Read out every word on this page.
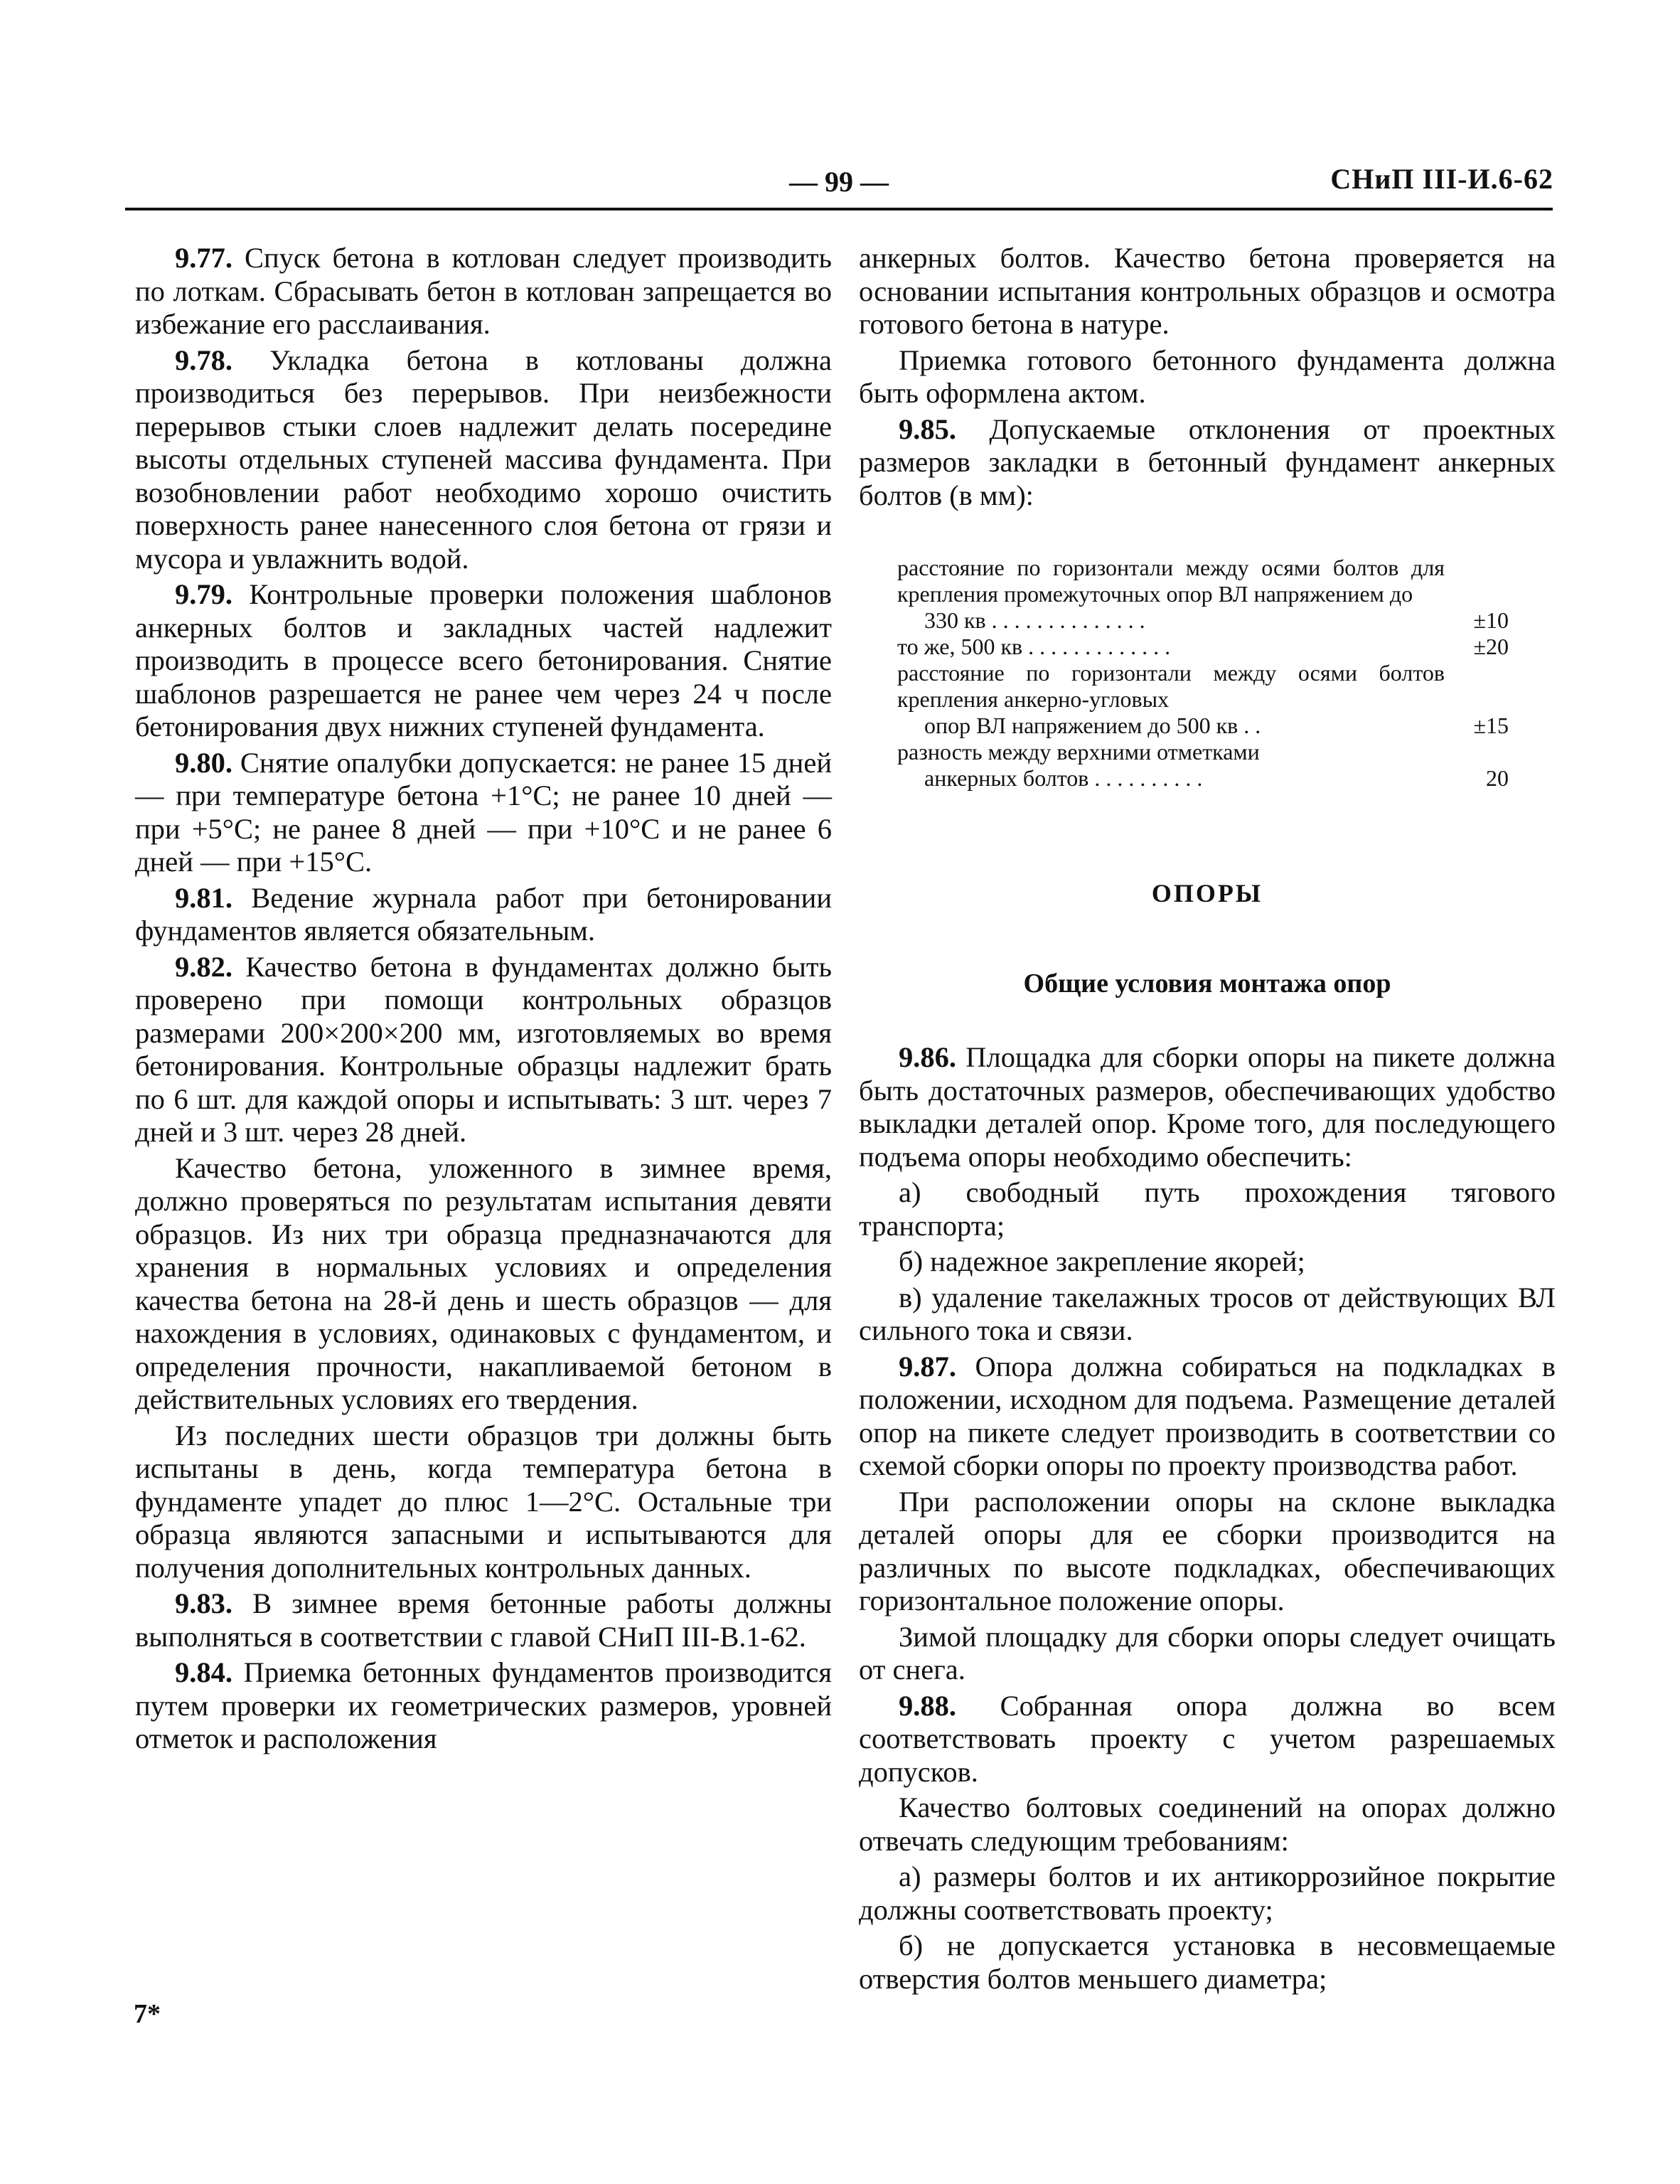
— 99 —	СНиП III-И.6-62

9.77. Спуск бетона в котлован следует производить по лоткам. Сбрасывать бетон в котлован запрещается во избежание его расслаивания.

9.78. Укладка бетона в котлованы должна производиться без перерывов. При неизбежности перерывов стыки слоев надлежит делать посередине высоты отдельных ступеней массива фундамента. При возобновлении работ необходимо хорошо очистить поверхность ранее нанесенного слоя бетона от грязи и мусора и увлажнить водой.

9.79. Контрольные проверки положения шаблонов анкерных болтов и закладных частей надлежит производить в процессе всего бетонирования. Снятие шаблонов разрешается не ранее чем через 24 ч после бетонирования двух нижних ступеней фундамента.

9.80. Снятие опалубки допускается: не ранее 15 дней — при температуре бетона +1°С; не ранее 10 дней — при +5°С; не ранее 8 дней — при +10°С и не ранее 6 дней — при +15°С.

9.81. Ведение журнала работ при бетонировании фундаментов является обязательным.

9.82. Качество бетона в фундаментах должно быть проверено при помощи контрольных образцов размерами 200×200×200 мм, изготовляемых во время бетонирования. Контрольные образцы надлежит брать по 6 шт. для каждой опоры и испытывать: 3 шт. через 7 дней и 3 шт. через 28 дней.

Качество бетона, уложенного в зимнее время, должно проверяться по результатам испытания девяти образцов. Из них три образца предназначаются для хранения в нормальных условиях и определения качества бетона на 28-й день и шесть образцов — для нахождения в условиях, одинаковых с фундаментом, и определения прочности, накапливаемой бетоном в действительных условиях его твердения.

Из последних шести образцов три должны быть испытаны в день, когда температура бетона в фундаменте упадет до плюс 1—2°С. Остальные три образца являются запасными и испытываются для получения дополнительных контрольных данных.

9.83. В зимнее время бетонные работы должны выполняться в соответствии с главой СНиП III-В.1-62.

9.84. Приемка бетонных фундаментов производится путем проверки их геометрических размеров, уровней отметок и расположения

анкерных болтов. Качество бетона проверяется на основании испытания контрольных образцов и осмотра готового бетона в натуре.

Приемка готового бетонного фундамента должна быть оформлена актом.

9.85. Допускаемые отклонения от проектных размеров закладки в бетонный фундамент анкерных болтов (в мм):

расстояние по горизонтали между осями болтов для крепления промежуточных опор ВЛ напряжением до
330 кв . . . . . . . . . . . . . .	±10
то же, 500 кв . . . . . . . . . . . . .	±20
расстояние по горизонтали между осями болтов крепления анкерно-угловых
опор ВЛ напряжением до 500 кв . .	±15
разность между верхними отметками
анкерных болтов . . . . . . . . . .	20
ОПОРЫ
Общие условия монтажа опор

9.86. Площадка для сборки опоры на пикете должна быть достаточных размеров, обеспечивающих удобство выкладки деталей опор. Кроме того, для последующего подъема опоры необходимо обеспечить:

а) свободный путь прохождения тягового транспорта;

б) надежное закрепление якорей;

в) удаление такелажных тросов от действующих ВЛ сильного тока и связи.

9.87. Опора должна собираться на подкладках в положении, исходном для подъема. Размещение деталей опор на пикете следует производить в соответствии со схемой сборки опоры по проекту производства работ.

При расположении опоры на склоне выкладка деталей опоры для ее сборки производится на различных по высоте подкладках, обеспечивающих горизонтальное положение опоры.

Зимой площадку для сборки опоры следует очищать от снега.

9.88. Собранная опора должна во всем соответствовать проекту с учетом разрешаемых допусков.

Качество болтовых соединений на опорах должно отвечать следующим требованиям:

а) размеры болтов и их антикоррозийное покрытие должны соответствовать проекту;

б) не допускается установка в несовмещаемые отверстия болтов меньшего диаметра;

7*
